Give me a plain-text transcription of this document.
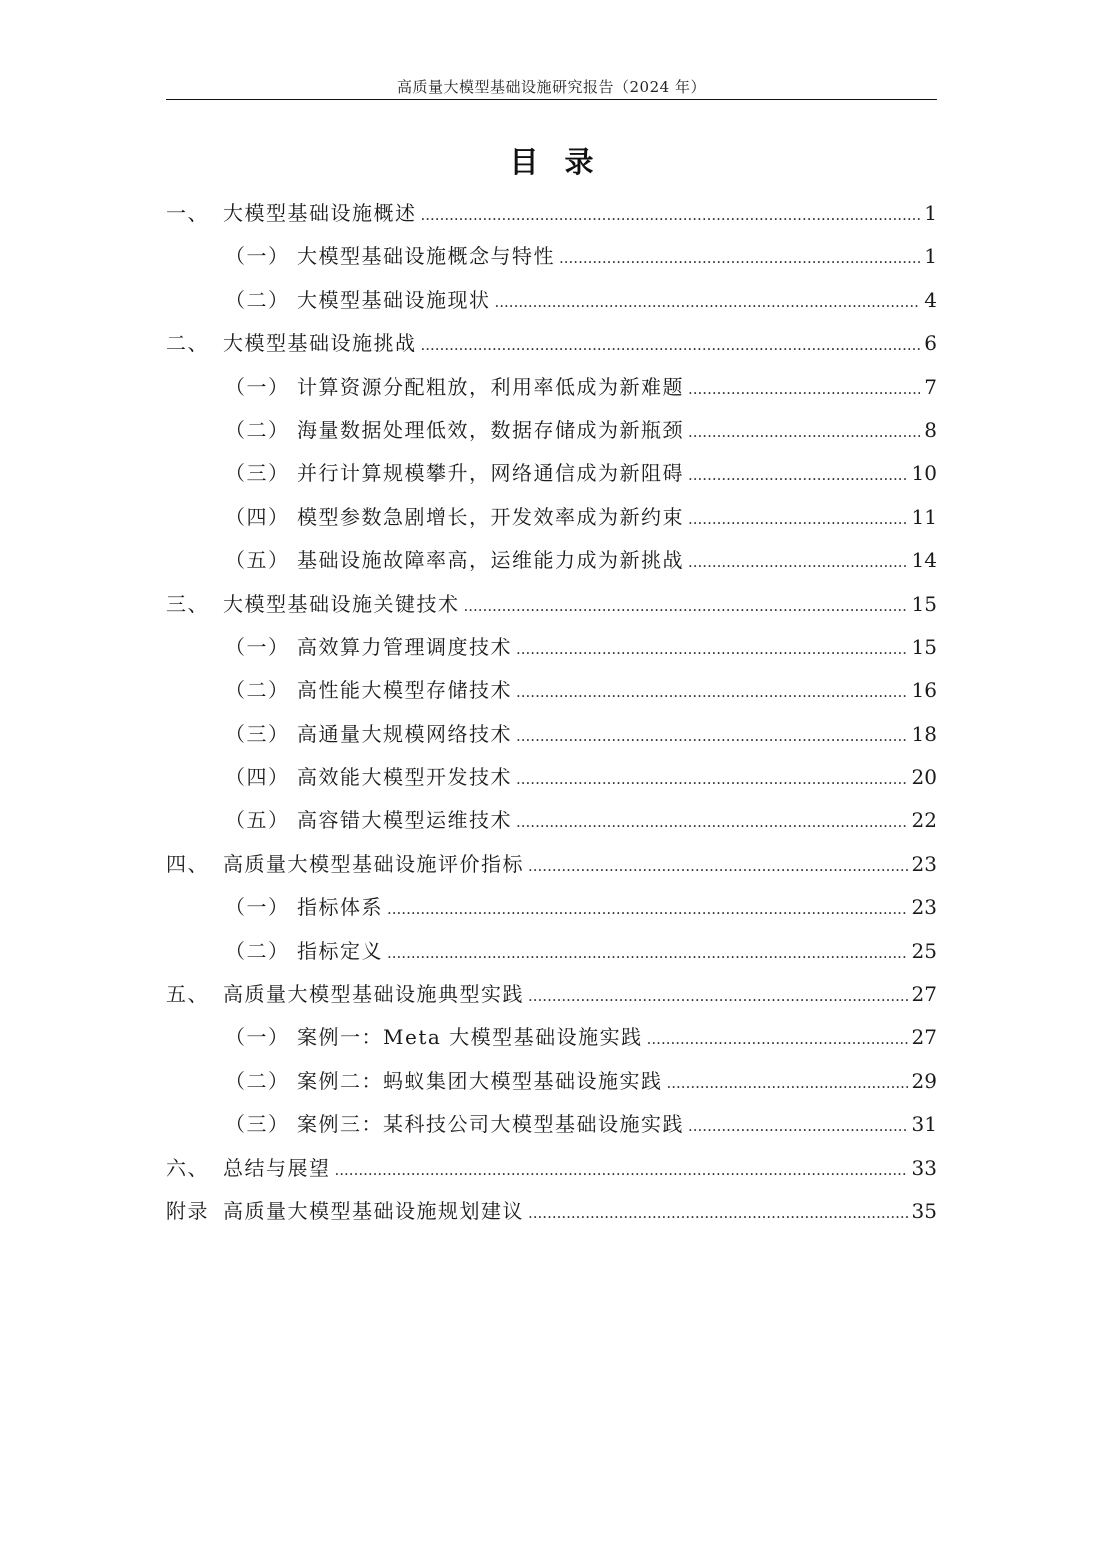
高质量大模型基础设施研究报告（2024 年）
目录
一、 大模型基础设施概述 .....	1
（一） 大模型基础设施概念与特性 .....	1
（二） 大模型基础设施现状 .....	4
二、 大模型基础设施挑战 .....	6
（一） 计算资源分配粗放，利用率低成为新难题 .....	7
（二） 海量数据处理低效，数据存储成为新瓶颈 .....	8
（三） 并行计算规模攀升，网络通信成为新阻碍 .....	10
（四） 模型参数急剧增长，开发效率成为新约束 .....	11
（五） 基础设施故障率高，运维能力成为新挑战 .....	14
三、 大模型基础设施关键技术 .....	15
（一） 高效算力管理调度技术 .....	15
（二） 高性能大模型存储技术 .....	16
（三） 高通量大规模网络技术 .....	18
（四） 高效能大模型开发技术 .....	20
（五） 高容错大模型运维技术 .....	22
四、 高质量大模型基础设施评价指标 .....	23
（一） 指标体系 .....	23
（二） 指标定义 .....	25
五、 高质量大模型基础设施典型实践 .....	27
（一） 案例一：Meta 大模型基础设施实践 .....	27
（二） 案例二：蚂蚁集团大模型基础设施实践 .....	29
（三） 案例三：某科技公司大模型基础设施实践 .....	31
六、 总结与展望 .....	33
附录 高质量大模型基础设施规划建议 .....	35
